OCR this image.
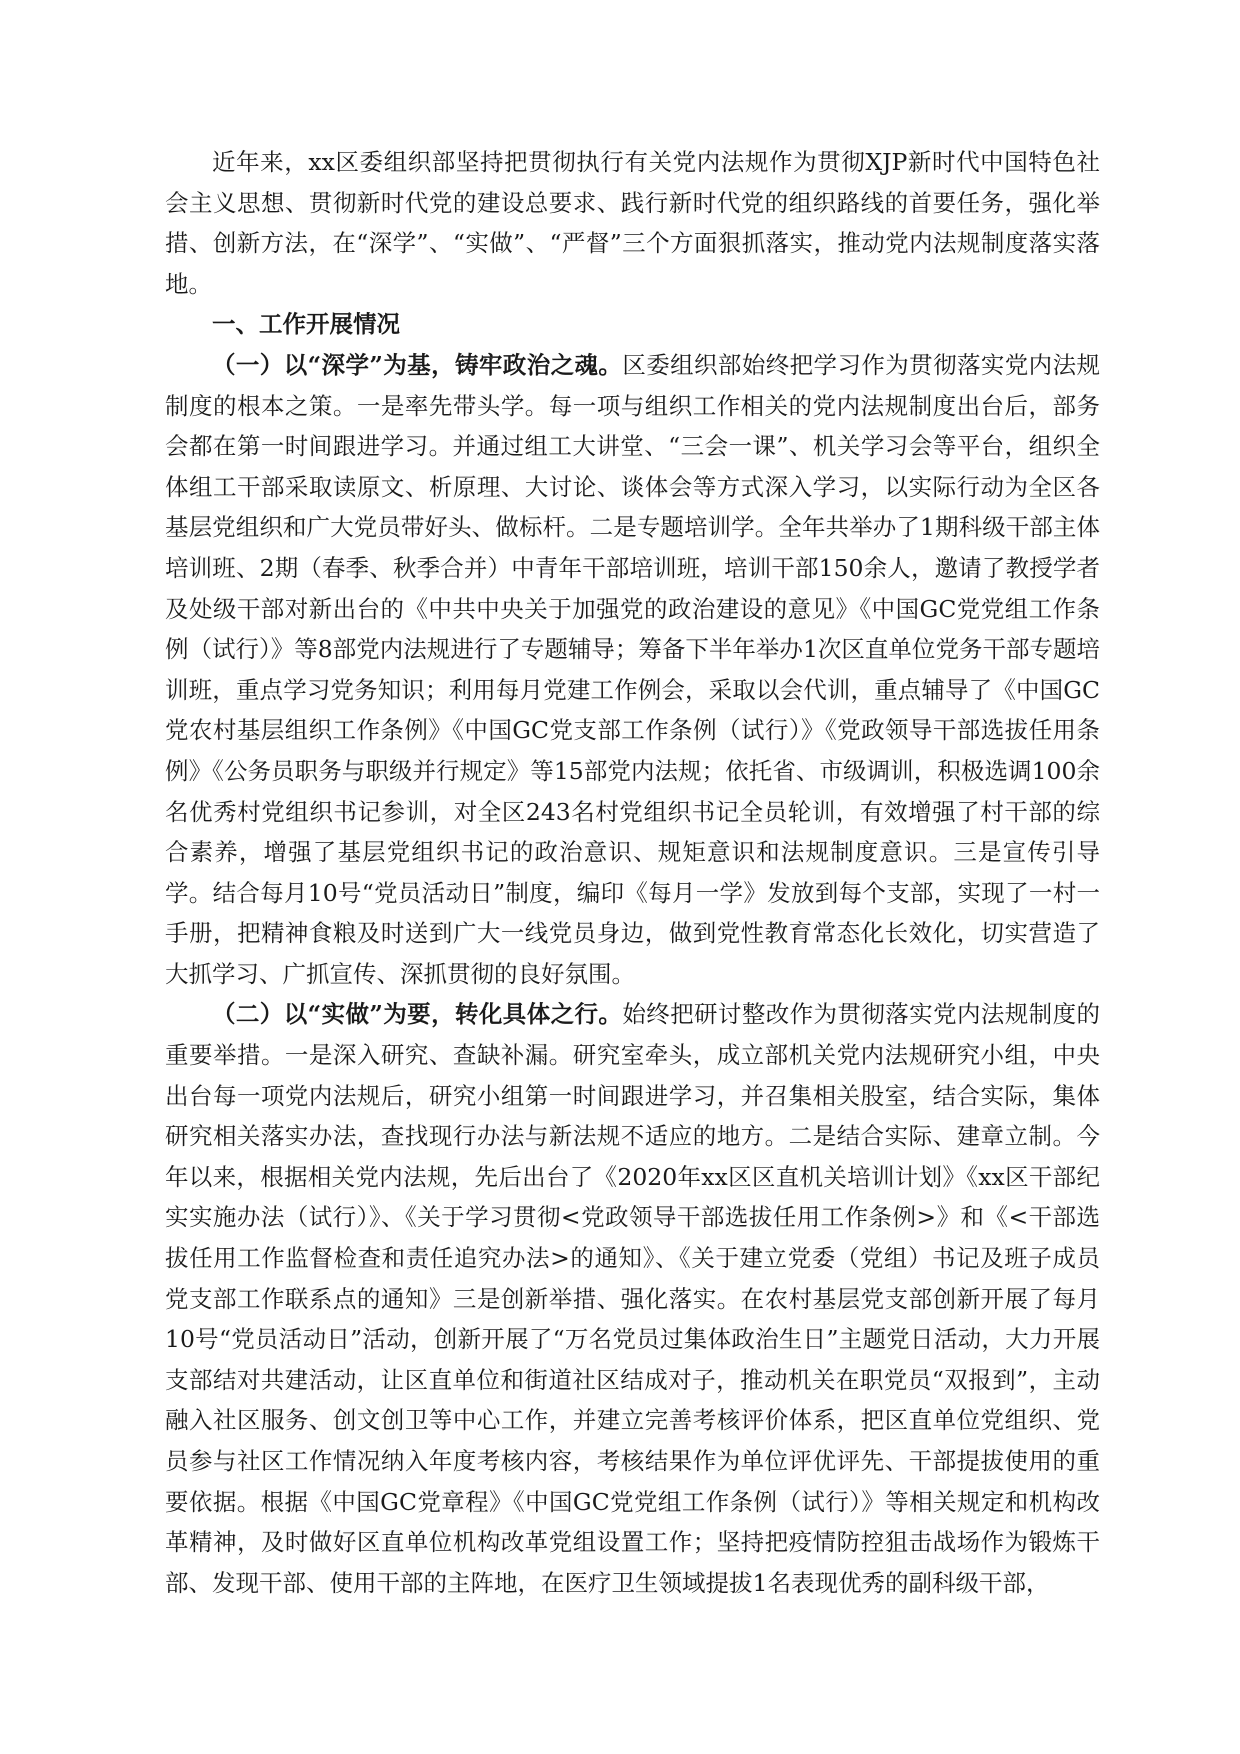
近年来，xx区委组织部坚持把贯彻执行有关党内法规作为贯彻XJP新时代中国特色社会主义思想、贯彻新时代党的建设总要求、践行新时代党的组织路线的首要任务，强化举措、创新方法，在“深学”、“实做”、“严督”三个方面狠抓落实，推动党内法规制度落实落地。

一、工作开展情况

（一）以“深学”为基，铸牢政治之魂。区委组织部始终把学习作为贯彻落实党内法规制度的根本之策。一是率先带头学。每一项与组织工作相关的党内法规制度出台后，部务会都在第一时间跟进学习。并通过组工大讲堂、“三会一课”、机关学习会等平台，组织全体组工干部采取读原文、析原理、大讨论、谈体会等方式深入学习，以实际行动为全区各基层党组织和广大党员带好头、做标杆。二是专题培训学。全年共举办了1期科级干部主体培训班、2期（春季、秋季合并）中青年干部培训班，培训干部150余人，邀请了教授学者及处级干部对新出台的《中共中央关于加强党的政治建设的意见》《中国GC党党组工作条例（试行）》等8部党内法规进行了专题辅导；筹备下半年举办1次区直单位党务干部专题培训班，重点学习党务知识；利用每月党建工作例会，采取以会代训，重点辅导了《中国GC党农村基层组织工作条例》《中国GC党支部工作条例（试行）》《党政领导干部选拔任用条例》《公务员职务与职级并行规定》等15部党内法规；依托省、市级调训，积极选调100余名优秀村党组织书记参训，对全区243名村党组织书记全员轮训，有效增强了村干部的综合素养，增强了基层党组织书记的政治意识、规矩意识和法规制度意识。三是宣传引导学。结合每月10号“党员活动日”制度，编印《每月一学》发放到每个支部，实现了一村一手册，把精神食粮及时送到广大一线党员身边，做到党性教育常态化长效化，切实营造了大抓学习、广抓宣传、深抓贯彻的良好氛围。

（二）以“实做”为要，转化具体之行。始终把研讨整改作为贯彻落实党内法规制度的重要举措。一是深入研究、查缺补漏。研究室牵头，成立部机关党内法规研究小组，中央出台每一项党内法规后，研究小组第一时间跟进学习，并召集相关股室，结合实际，集体研究相关落实办法，查找现行办法与新法规不适应的地方。二是结合实际、建章立制。今年以来，根据相关党内法规，先后出台了《2020年xx区区直机关培训计划》《xx区干部纪实实施办法（试行）》、《关于学习贯彻<党政领导干部选拔任用工作条例>》和《<干部选拔任用工作监督检查和责任追究办法>的通知》、《关于建立党委（党组）书记及班子成员党支部工作联系点的通知》三是创新举措、强化落实。在农村基层党支部创新开展了每月10号“党员活动日”活动，创新开展了“万名党员过集体政治生日”主题党日活动，大力开展支部结对共建活动，让区直单位和街道社区结成对子，推动机关在职党员“双报到”，主动融入社区服务、创文创卫等中心工作，并建立完善考核评价体系，把区直单位党组织、党员参与社区工作情况纳入年度考核内容，考核结果作为单位评优评先、干部提拔使用的重要依据。根据《中国GC党章程》《中国GC党党组工作条例（试行）》等相关规定和机构改革精神，及时做好区直单位机构改革党组设置工作；坚持把疫情防控狙击战场作为锻炼干部、发现干部、使用干部的主阵地，在医疗卫生领域提拔1名表现优秀的副科级干部，
